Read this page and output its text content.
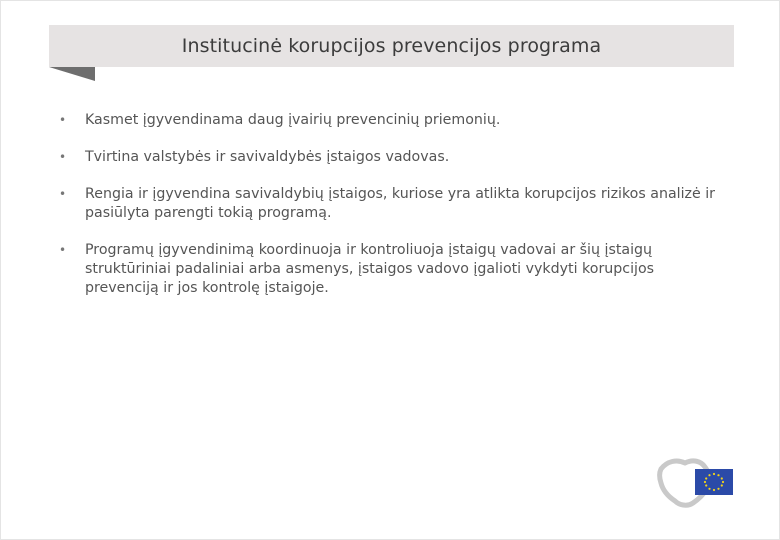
Institucinė korupcijos prevencijos programa
• Kasmet įgyvendinama daug įvairių prevencinių priemonių.
• Tvirtina valstybės ir savivaldybės įstaigos vadovas.
• Rengia ir įgyvendina savivaldybių įstaigos, kuriose yra atlikta korupcijos rizikos analizė ir pasiūlyta parengti tokią programą.
• Programų įgyvendinimą koordinuoja ir kontroliuoja įstaigų vadovai ar šių įstaigų struktūriniai padaliniai arba asmenys, įstaigos vadovo įgalioti vykdyti korupcijos prevenciją ir jos kontrolę įstaigoje.
